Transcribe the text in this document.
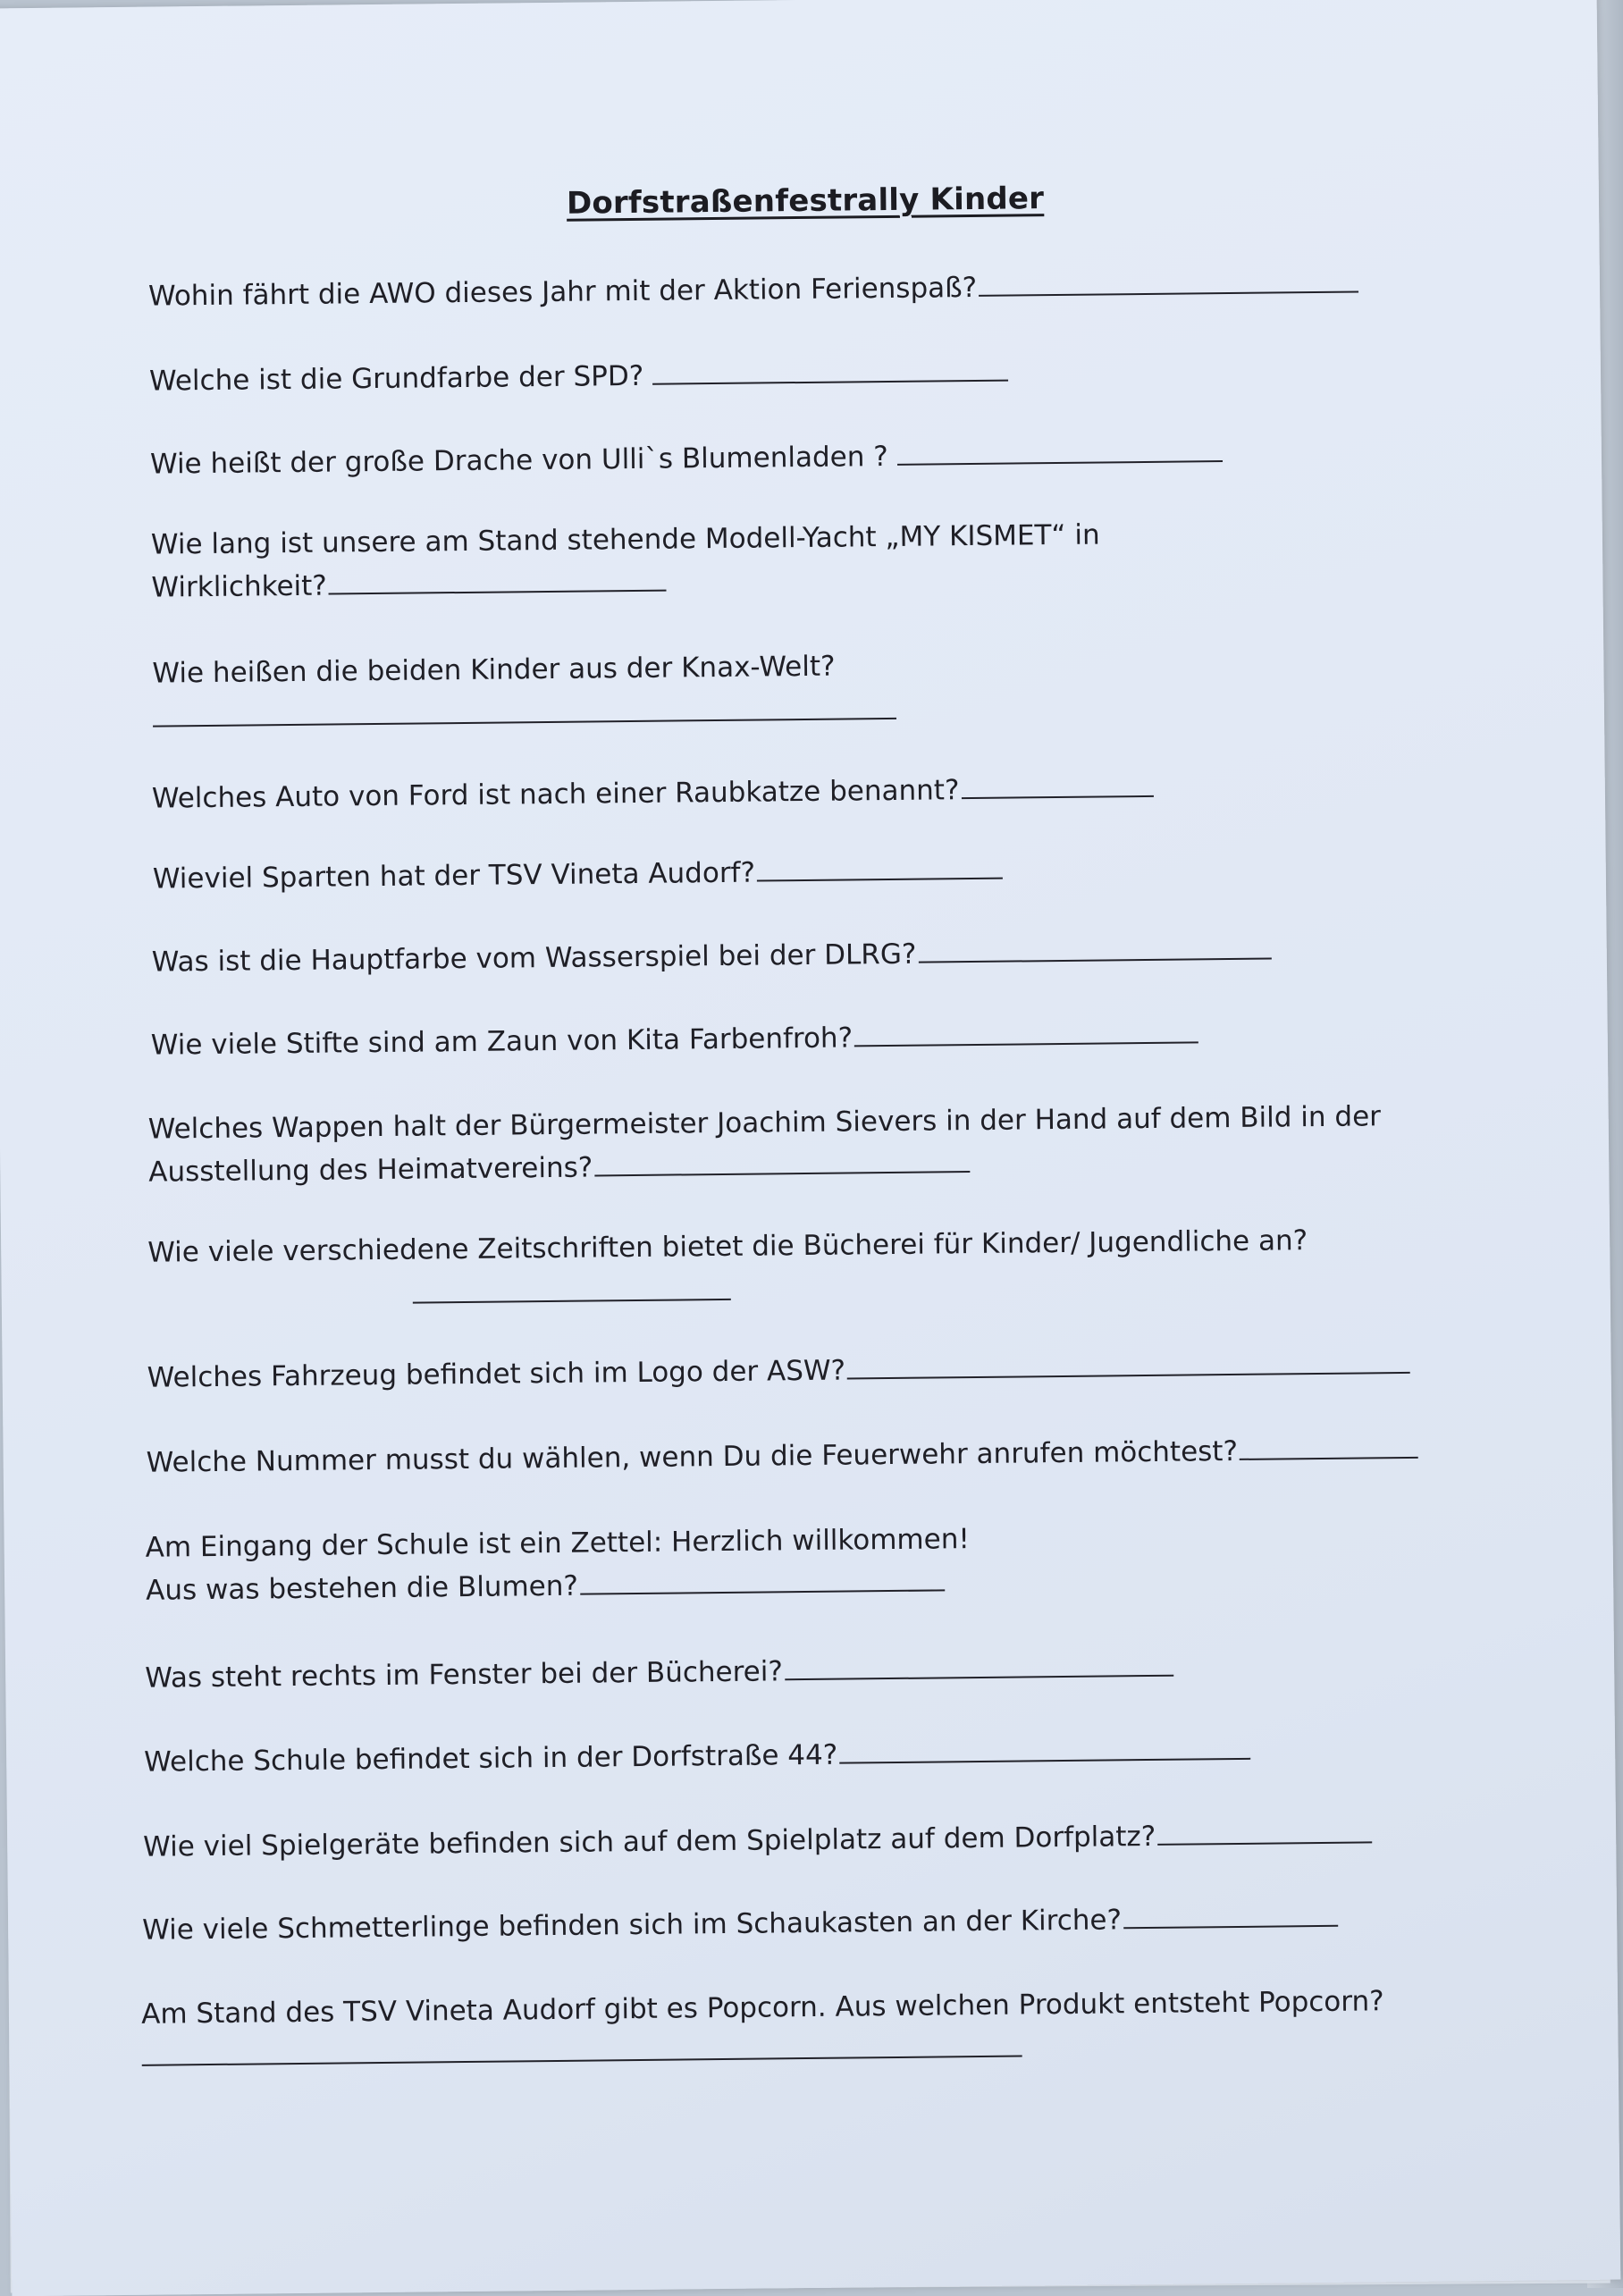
Dorfstraßenfestrally Kinder
Wohin fährt die AWO dieses Jahr mit der Aktion Ferienspaß?
Welche ist die Grundfarbe der SPD?
Wie heißt der große Drache von Ulli`s Blumenladen ?
Wie lang ist unsere am Stand stehende Modell-Yacht „MY KISMET“ in
Wirklichkeit?
Wie heißen die beiden Kinder aus der Knax-Welt?
Welches Auto von Ford ist nach einer Raubkatze benannt?
Wieviel Sparten hat der TSV Vineta Audorf?
Was ist die Hauptfarbe vom Wasserspiel bei der DLRG?
Wie viele Stifte sind am Zaun von Kita Farbenfroh?
Welches Wappen halt der Bürgermeister Joachim Sievers in der Hand auf dem Bild in der
Ausstellung des Heimatvereins?
Wie viele verschiedene Zeitschriften bietet die Bücherei für Kinder/ Jugendliche an?
Welches Fahrzeug befindet sich im Logo der ASW?
Welche Nummer musst du wählen, wenn Du die Feuerwehr anrufen möchtest?
Am Eingang der Schule ist ein Zettel: Herzlich willkommen!
Aus was bestehen die Blumen?
Was steht rechts im Fenster bei der Bücherei?
Welche Schule befindet sich in der Dorfstraße 44?
Wie viel Spielgeräte befinden sich auf dem Spielplatz auf dem Dorfplatz?
Wie viele Schmetterlinge befinden sich im Schaukasten an der Kirche?
Am Stand des TSV Vineta Audorf gibt es Popcorn. Aus welchen Produkt entsteht Popcorn?
